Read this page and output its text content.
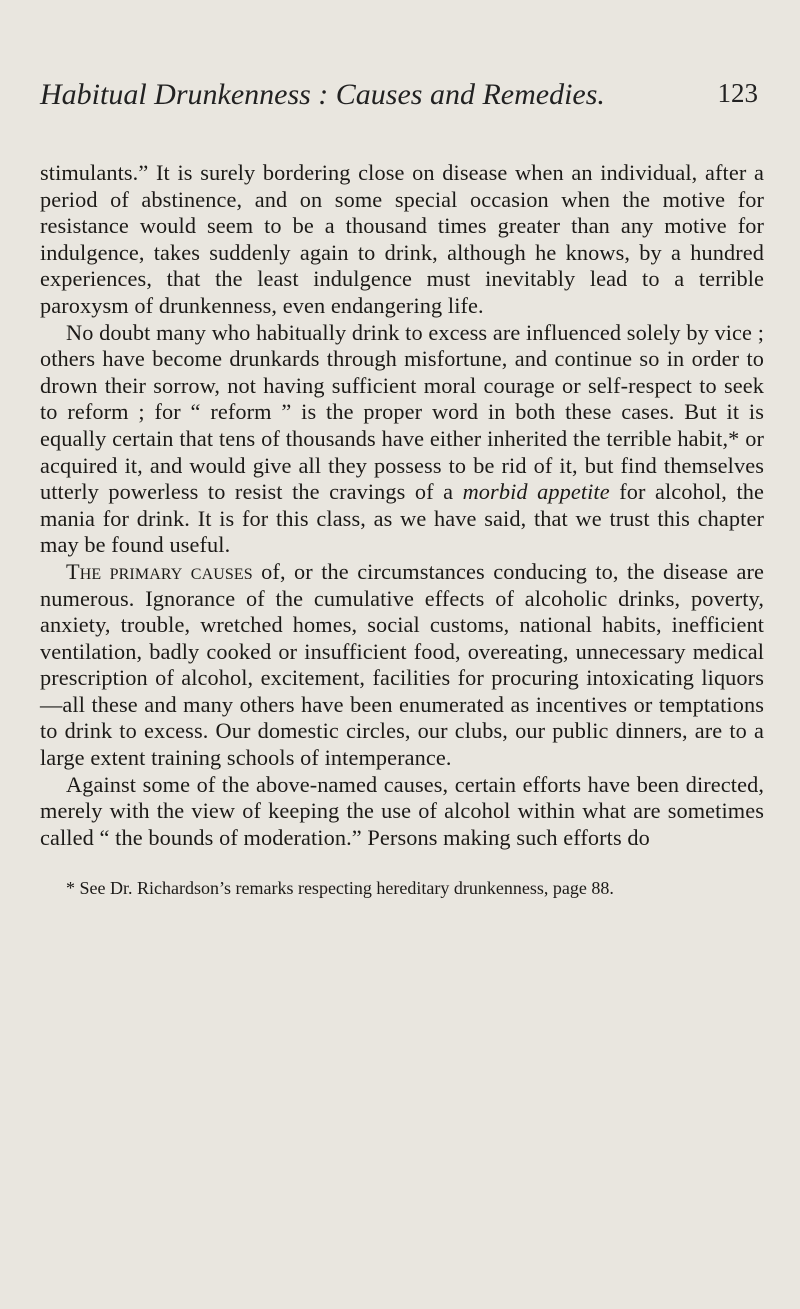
Habitual Drunkenness : Causes and Remedies.	123

stimulants.” It is surely bordering close on disease when an individual, after a period of abstinence, and on some special occasion when the motive for resistance would seem to be a thousand times greater than any motive for indulgence, takes suddenly again to drink, although he knows, by a hundred experiences, that the least indulgence must inevitably lead to a terrible paroxysm of drunkenness, even endangering life.

No doubt many who habitually drink to excess are influenced solely by vice ; others have become drunkards through misfortune, and continue so in order to drown their sorrow, not having sufficient moral courage or self-respect to seek to reform ; for “ reform ” is the proper word in both these cases. But it is equally certain that tens of thousands have either inherited the terrible habit,* or acquired it, and would give all they possess to be rid of it, but find themselves utterly powerless to resist the cravings of a morbid appetite for alcohol, the mania for drink. It is for this class, as we have said, that we trust this chapter may be found useful.

The primary causes of, or the circumstances conducing to, the disease are numerous. Ignorance of the cumulative effects of alcoholic drinks, poverty, anxiety, trouble, wretched homes, social customs, national habits, inefficient ventilation, badly cooked or insufficient food, overeating, unnecessary medical prescription of alcohol, excitement, facilities for procuring intoxicating liquors—all these and many others have been enumerated as incentives or temptations to drink to excess. Our domestic circles, our clubs, our public dinners, are to a large extent training schools of intemperance.

Against some of the above-named causes, certain efforts have been directed, merely with the view of keeping the use of alcohol within what are sometimes called “ the bounds of moderation.” Persons making such efforts do

* See Dr. Richardson’s remarks respecting hereditary drunkenness, page 88.
